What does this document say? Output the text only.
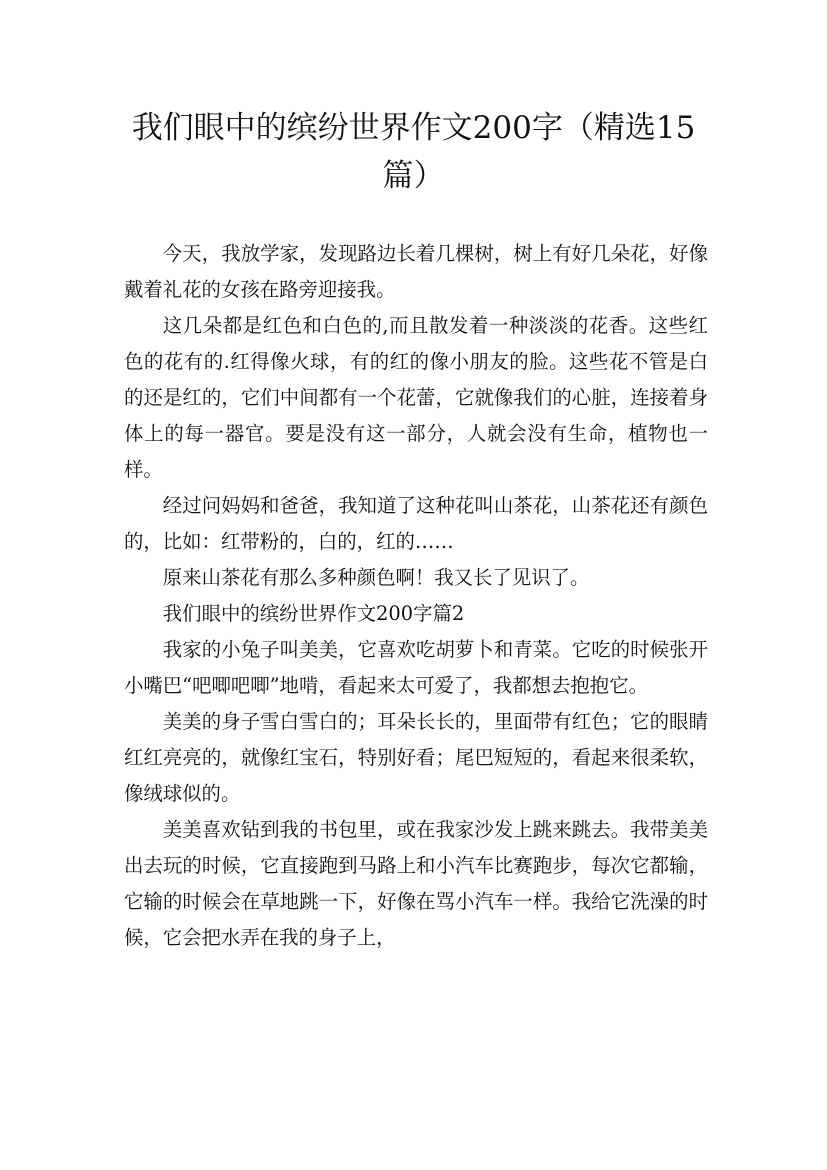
我们眼中的缤纷世界作文200字（精选15篇）

今天，我放学家，发现路边长着几棵树，树上有好几朵花，好像戴着礼花的女孩在路旁迎接我。

这几朵都是红色和白色的,而且散发着一种淡淡的花香。这些红色的花有的.红得像火球，有的红的像小朋友的脸。这些花不管是白的还是红的，它们中间都有一个花蕾，它就像我们的心脏，连接着身体上的每一器官。要是没有这一部分，人就会没有生命，植物也一样。

经过问妈妈和爸爸，我知道了这种花叫山茶花，山茶花还有颜色的，比如：红带粉的，白的，红的……

原来山茶花有那么多种颜色啊！我又长了见识了。

我们眼中的缤纷世界作文200字篇2

我家的小兔子叫美美，它喜欢吃胡萝卜和青菜。它吃的时候张开小嘴巴“吧唧吧唧”地啃，看起来太可爱了，我都想去抱抱它。

美美的身子雪白雪白的；耳朵长长的，里面带有红色；它的眼睛红红亮亮的，就像红宝石，特别好看；尾巴短短的，看起来很柔软，像绒球似的。

美美喜欢钻到我的书包里，或在我家沙发上跳来跳去。我带美美出去玩的时候，它直接跑到马路上和小汽车比赛跑步，每次它都输，它输的时候会在草地跳一下，好像在骂小汽车一样。我给它洗澡的时候，它会把水弄在我的身子上，
